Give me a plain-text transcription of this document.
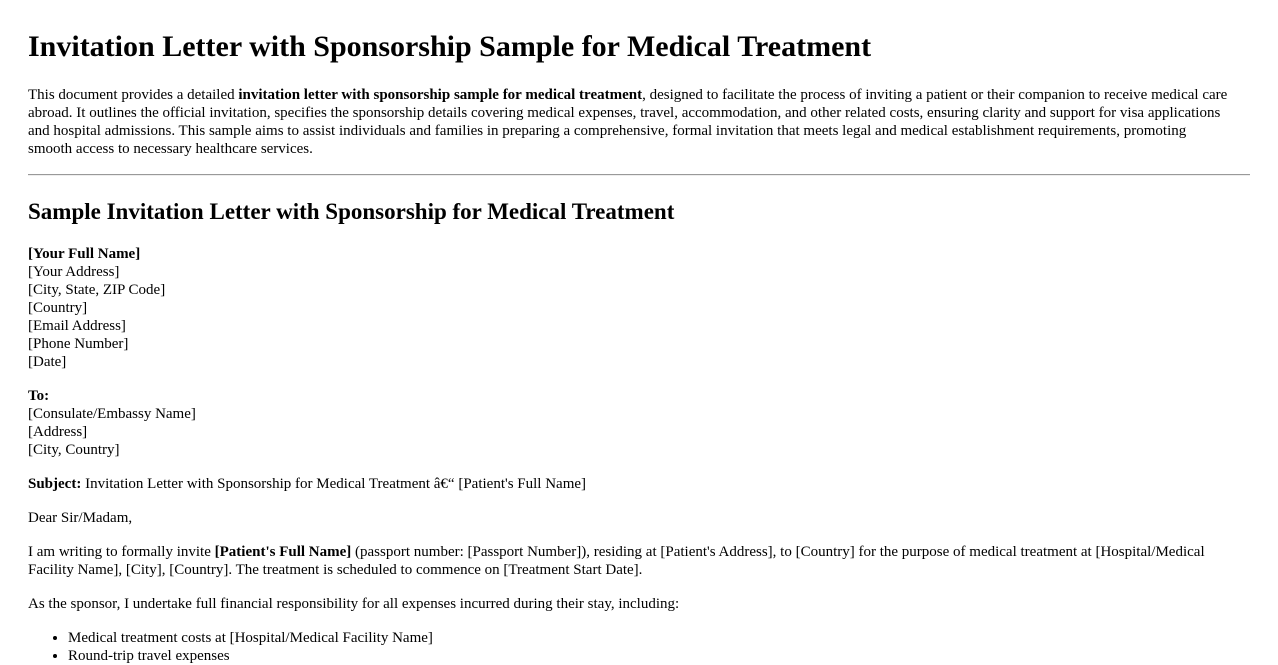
Invitation Letter with Sponsorship Sample for Medical Treatment
This document provides a detailed invitation letter with sponsorship sample for medical treatment, designed to facilitate the process of inviting a patient or their companion to receive medical care abroad. It outlines the official invitation, specifies the sponsorship details covering medical expenses, travel, accommodation, and other related costs, ensuring clarity and support for visa applications and hospital admissions. This sample aims to assist individuals and families in preparing a comprehensive, formal invitation that meets legal and medical establishment requirements, promoting smooth access to necessary healthcare services.
Sample Invitation Letter with Sponsorship for Medical Treatment
[Your Full Name]
[Your Address]
[City, State, ZIP Code]
[Country]
[Email Address]
[Phone Number]
[Date]

To:
[Consulate/Embassy Name]
[Address]
[City, Country]

Subject: Invitation Letter with Sponsorship for Medical Treatment â€“ [Patient's Full Name]

Dear Sir/Madam,

I am writing to formally invite [Patient's Full Name] (passport number: [Passport Number]), residing at [Patient's Address], to [Country] for the purpose of medical treatment at [Hospital/Medical Facility Name], [City], [Country]. The treatment is scheduled to commence on [Treatment Start Date].

As the sponsor, I undertake full financial responsibility for all expenses incurred during their stay, including:

• Medical treatment costs at [Hospital/Medical Facility Name]
• Round-trip travel expenses
